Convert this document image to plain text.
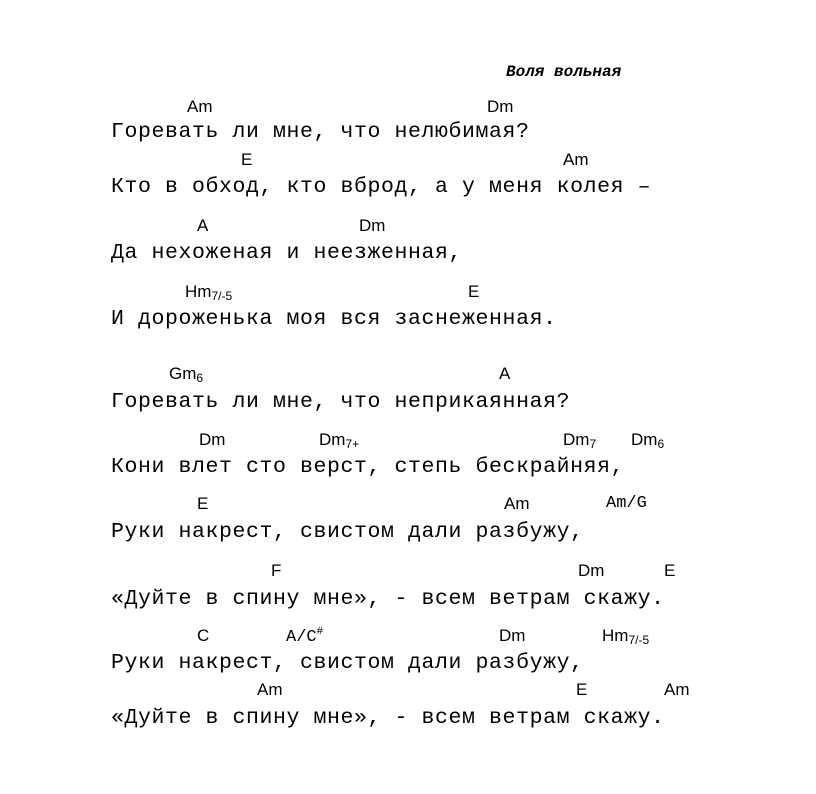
Воля вольная
Горевать ли мне, что нелюбимая?
Am	Dm
Кто в обход, кто вброд, а у меня колея –
E	Am
Да нехоженая и неезженная,
A	Dm
И дороженька моя вся заснеженная.
$Hm_{7/-5}$	E
Горевать ли мне, что неприкаянная?
$Gm_6$	A
Кони влет сто верст, степь бескрайняя,
Dm	$Dm_{7+}$	$Dm_7$ $Dm_6$
Руки накрест, свистом дали разбужу,
E	Am	Am/G
«Дуйте в спину мне», - всем ветрам скажу.
F	Dm	E
Руки накрест, свистом дали разбужу,
C	A/C#	Dm	$Hm_{7/-5}$
«Дуйте в спину мне», - всем ветрам скажу.
Am	E	Am
